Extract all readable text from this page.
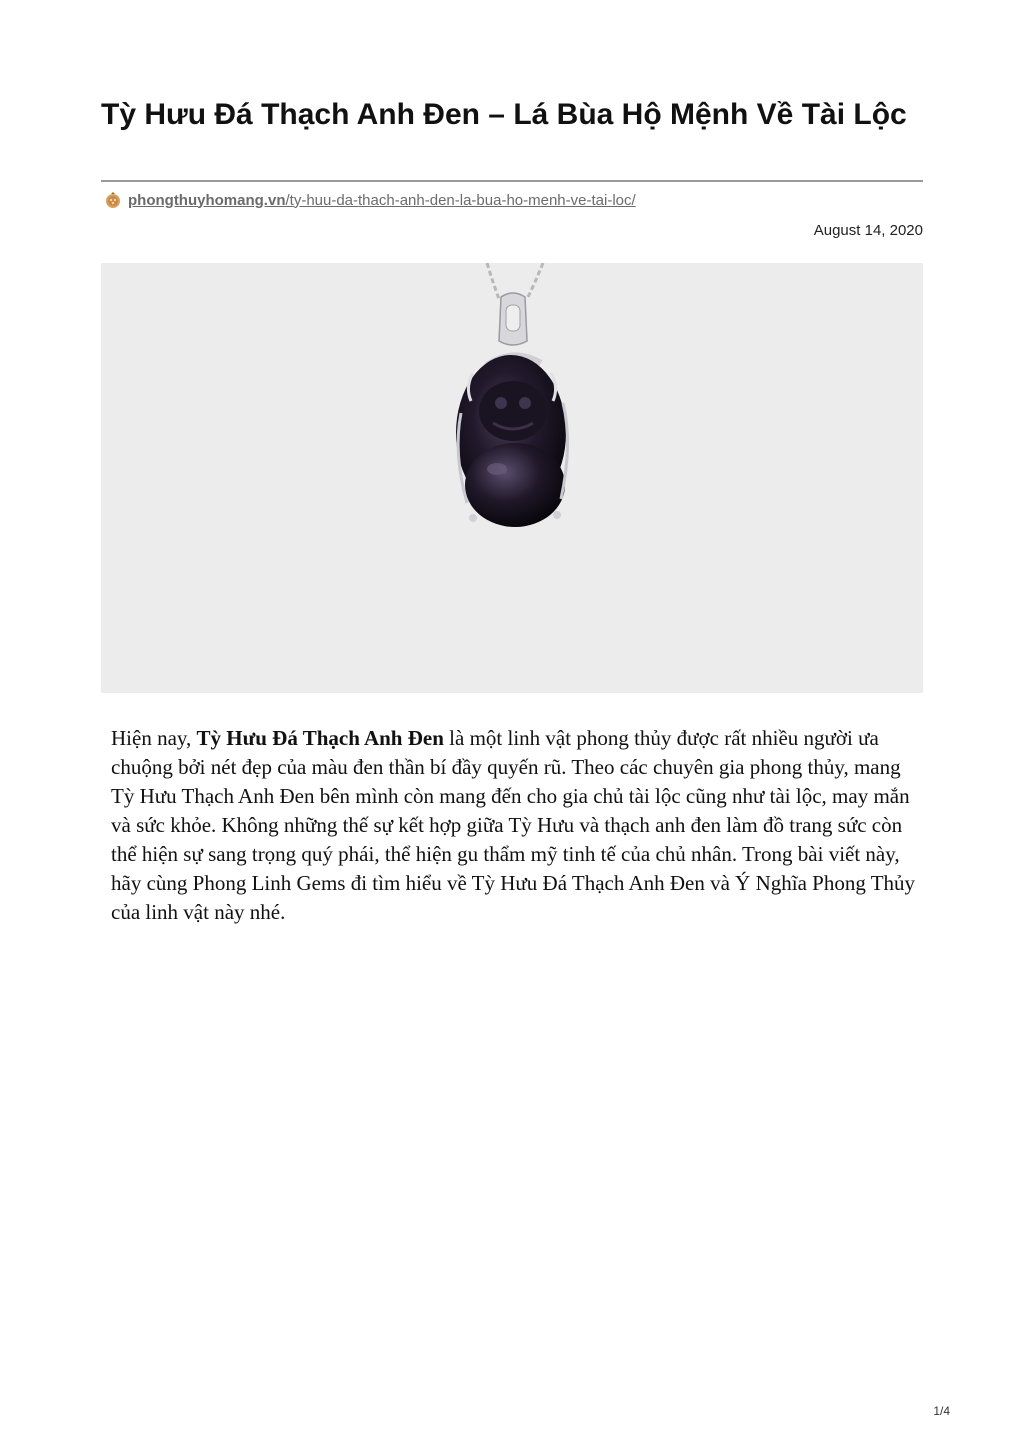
Tỳ Hưu Đá Thạch Anh Đen – Lá Bùa Hộ Mệnh Về Tài Lộc
phongthuyhomang.vn /ty-huu-da-thach-anh-den-la-bua-ho-menh-ve-tai-loc/
August 14, 2020

Hiện nay, Tỳ Hưu Đá Thạch Anh Đen là một linh vật phong thủy được rất nhiều người ưa chuộng bởi nét đẹp của màu đen thần bí đầy quyến rũ. Theo các chuyên gia phong thủy, mang Tỳ Hưu Thạch Anh Đen bên mình còn mang đến cho gia chủ tài lộc cũng như tài lộc, may mắn và sức khỏe. Không những thế sự kết hợp giữa Tỳ Hưu và thạch anh đen làm đồ trang sức còn thể hiện sự sang trọng quý phái, thể hiện gu thẩm mỹ tinh tế của chủ nhân. Trong bài viết này, hãy cùng Phong Linh Gems đi tìm hiểu về Tỳ Hưu Đá Thạch Anh Đen và Ý Nghĩa Phong Thủy của linh vật này nhé.

1/4
